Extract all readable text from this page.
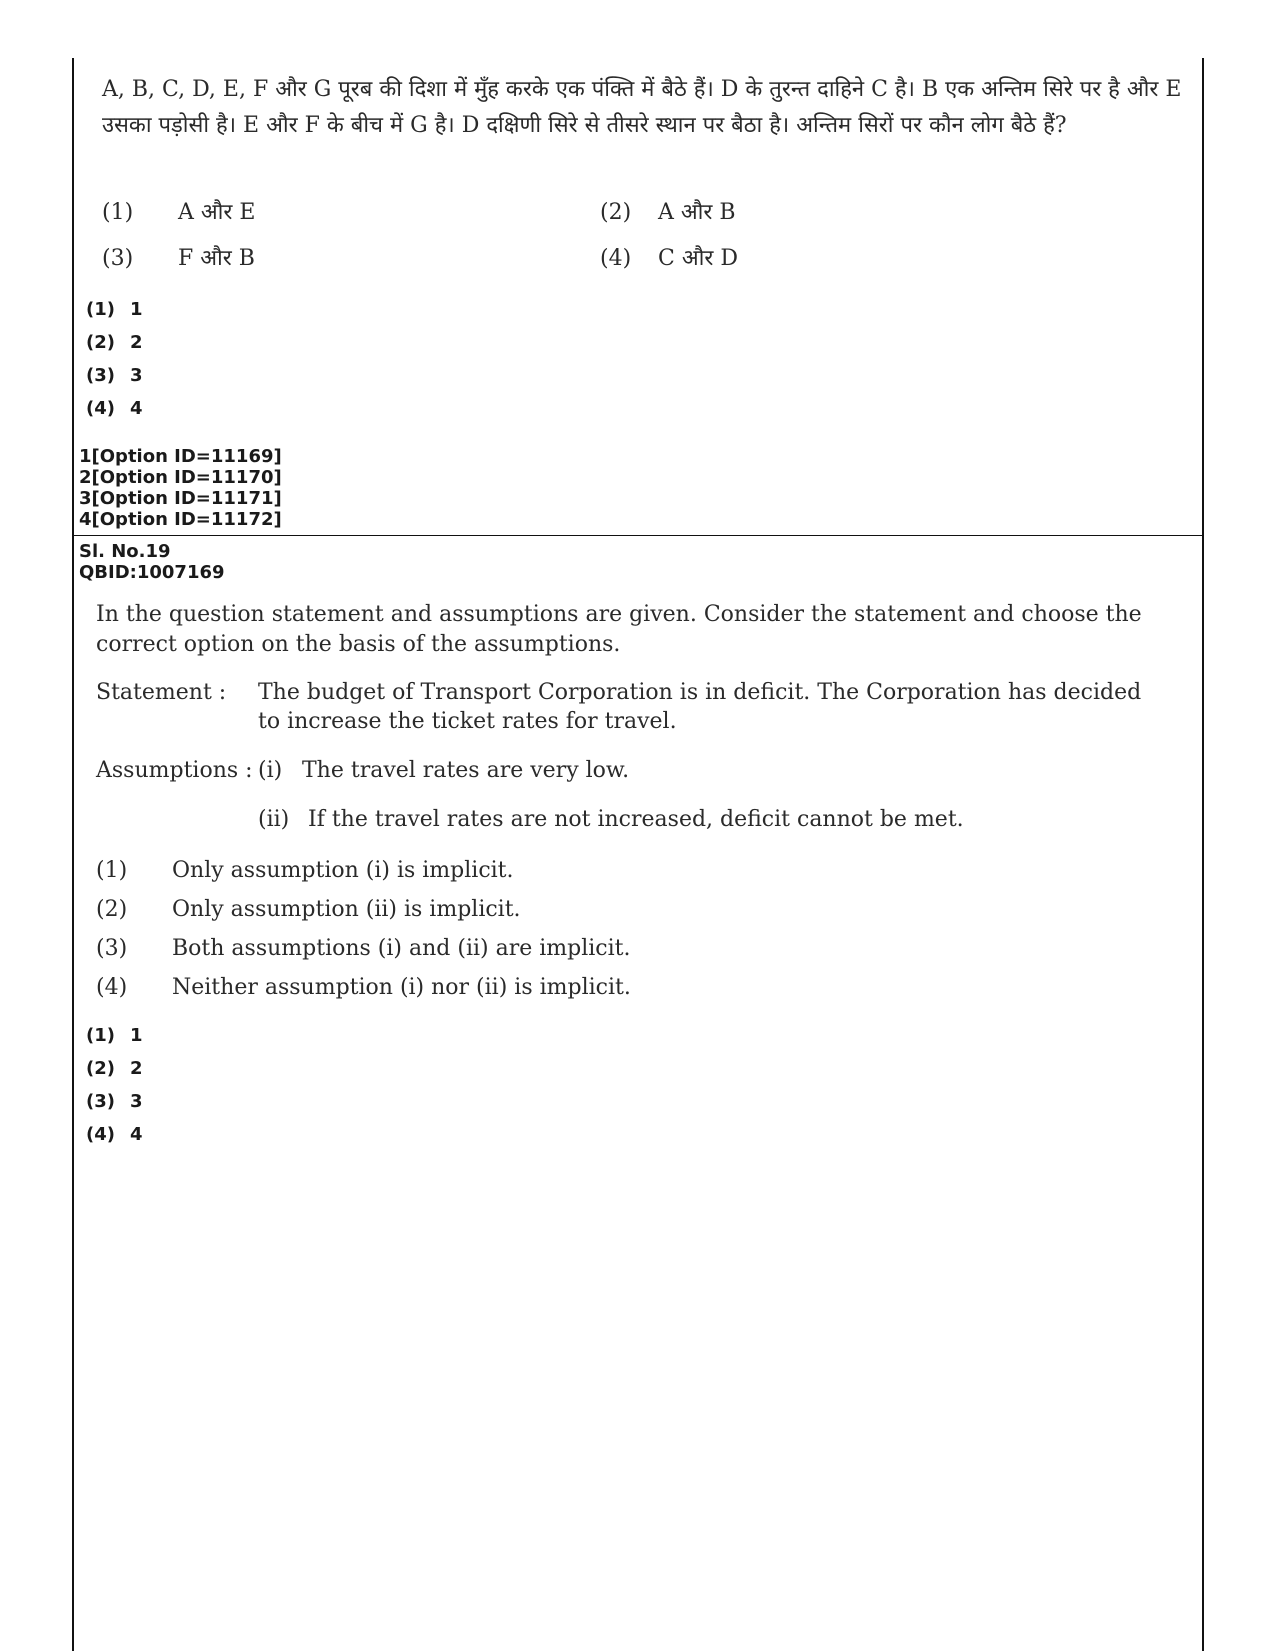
A, B, C, D, E, F और G पूरब की दिशा में मुँह करके एक पंक्ति में बैठे हैं। D के तुरन्त दाहिने C है। B एक अन्तिम सिरे पर है और E उसका पड़ोसी है। E और F के बीच में G है। D दक्षिणी सिरे से तीसरे स्थान पर बैठा है। अन्तिम सिरों पर कौन लोग बैठे हैं?
(1) A और E	(2) A और B
(3) F और B	(4) C और D
(1) 1
(2) 2
(3) 3
(4) 4
1[Option ID=11169]
2[Option ID=11170]
3[Option ID=11171]
4[Option ID=11172]
Sl. No.19
QBID:1007169
In the question statement and assumptions are given. Consider the statement and choose the correct option on the basis of the assumptions.
Statement : The budget of Transport Corporation is in deficit. The Corporation has decided to increase the ticket rates for travel.
Assumptions : (i) The travel rates are very low.
(ii) If the travel rates are not increased, deficit cannot be met.
(1) Only assumption (i) is implicit.
(2) Only assumption (ii) is implicit.
(3) Both assumptions (i) and (ii) are implicit.
(4) Neither assumption (i) nor (ii) is implicit.
(1) 1
(2) 2
(3) 3
(4) 4
